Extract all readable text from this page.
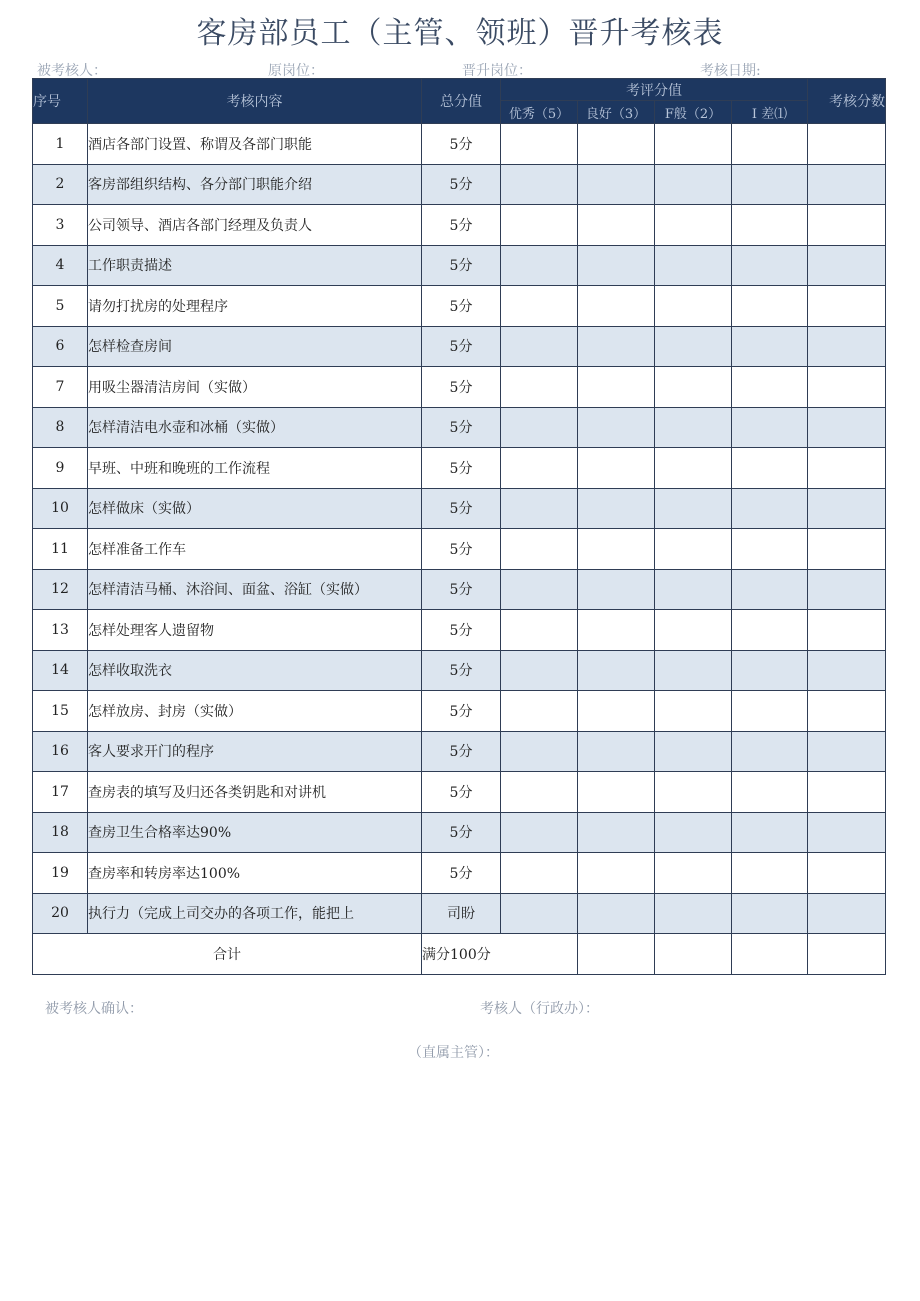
客房部员工（主管、领班）晋升考核表
被考核人：	原岗位：	晋升岗位：	考核日期:
序号	考核内容	总分值	考评分值				考核分数
			优秀（5）	良好（3）	F般（2）	I 差⑴	
1	酒店各部门设置、称谓及各部门职能	5分					
2	客房部组织结构、各分部门职能介绍	5分					
3	公司领导、酒店各部门经理及负责人	5分					
4	工作职责描述	5分					
5	请勿打扰房的处理程序	5分					
6	怎样检查房间	5分					
7	用吸尘器清洁房间（实做）	5分					
8	怎样清洁电水壶和冰桶（实做）	5分					
9	早班、中班和晚班的工作流程	5分					
10	怎样做床（实做）	5分					
11	怎样准备工作车	5分					
12	怎样清洁马桶、沐浴间、面盆、浴缸（实做）	5分					
13	怎样处理客人遗留物	5分					
14	怎样收取洗衣	5分					
15	怎样放房、封房（实做）	5分					
16	客人要求开门的程序	5分					
17	查房表的填写及归还各类钥匙和对讲机	5分					
18	查房卫生合格率达90%	5分					
19	查房率和转房率达100%	5分					
20	执行力（完成上司交办的各项工作，能把上	司盼					
合计		满分100分					
被考核人确认：	考核人（行政办）：
（直属主管）：
